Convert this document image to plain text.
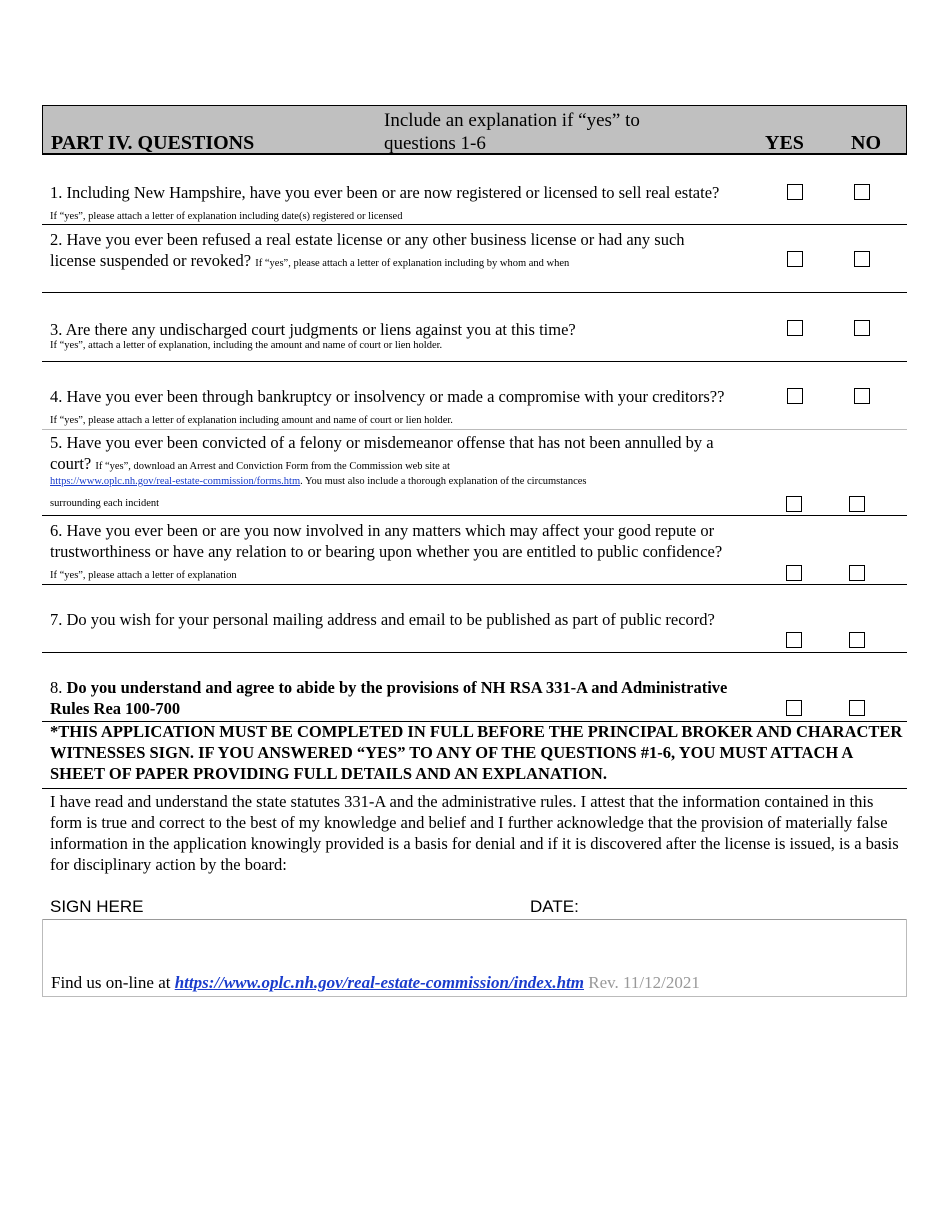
PART IV. QUESTIONS
Include an explanation if “yes” to questions 1-6	YES NO
1. Including New Hampshire, have you ever been or are now registered or licensed to sell real estate? If “yes”, please attach a letter of explanation including date(s) registered or licensed
2. Have you ever been refused a real estate license or any other business license or had any such license suspended or revoked? If “yes”, please attach a letter of explanation including by whom and when
3. Are there any undischarged court judgments or liens against you at this time?
If “yes”, attach a letter of explanation, including the amount and name of court or lien holder.
4. Have you ever been through bankruptcy or insolvency or made a compromise with your creditors?? If “yes”, please attach a letter of explanation including amount and name of court or lien holder.
5. Have you ever been convicted of a felony or misdemeanor offense that has not been annulled by a court? If “yes”, download an Arrest and Conviction Form from the Commission web site at
https://www.oplc.nh.gov/real-estate-commission/forms.htm. You must also include a thorough explanation of the circumstances
surrounding each incident
6. Have you ever been or are you now involved in any matters which may affect your good repute or trustworthiness or have any relation to or bearing upon whether you are entitled to public confidence? If “yes”, please attach a letter of explanation
7. Do you wish for your personal mailing address and email to be published as part of public record?
8. Do you understand and agree to abide by the provisions of NH RSA 331-A and Administrative Rules Rea 100-700
*THIS APPLICATION MUST BE COMPLETED IN FULL BEFORE THE PRINCIPAL BROKER AND CHARACTER WITNESSES SIGN. IF YOU ANSWERED “YES” TO ANY OF THE QUESTIONS #1-6, YOU MUST ATTACH A SHEET OF PAPER PROVIDING FULL DETAILS AND AN EXPLANATION.
I have read and understand the state statutes 331-A and the administrative rules. I attest that the information contained in this form is true and correct to the best of my knowledge and belief and I further acknowledge that the provision of materially false information in the application knowingly provided is a basis for denial and if it is discovered after the license is issued, is a basis for disciplinary action by the board:
SIGN HERE	DATE:
Find us on-line at https://www.oplc.nh.gov/real-estate-commission/index.htm Rev. 11/12/2021
